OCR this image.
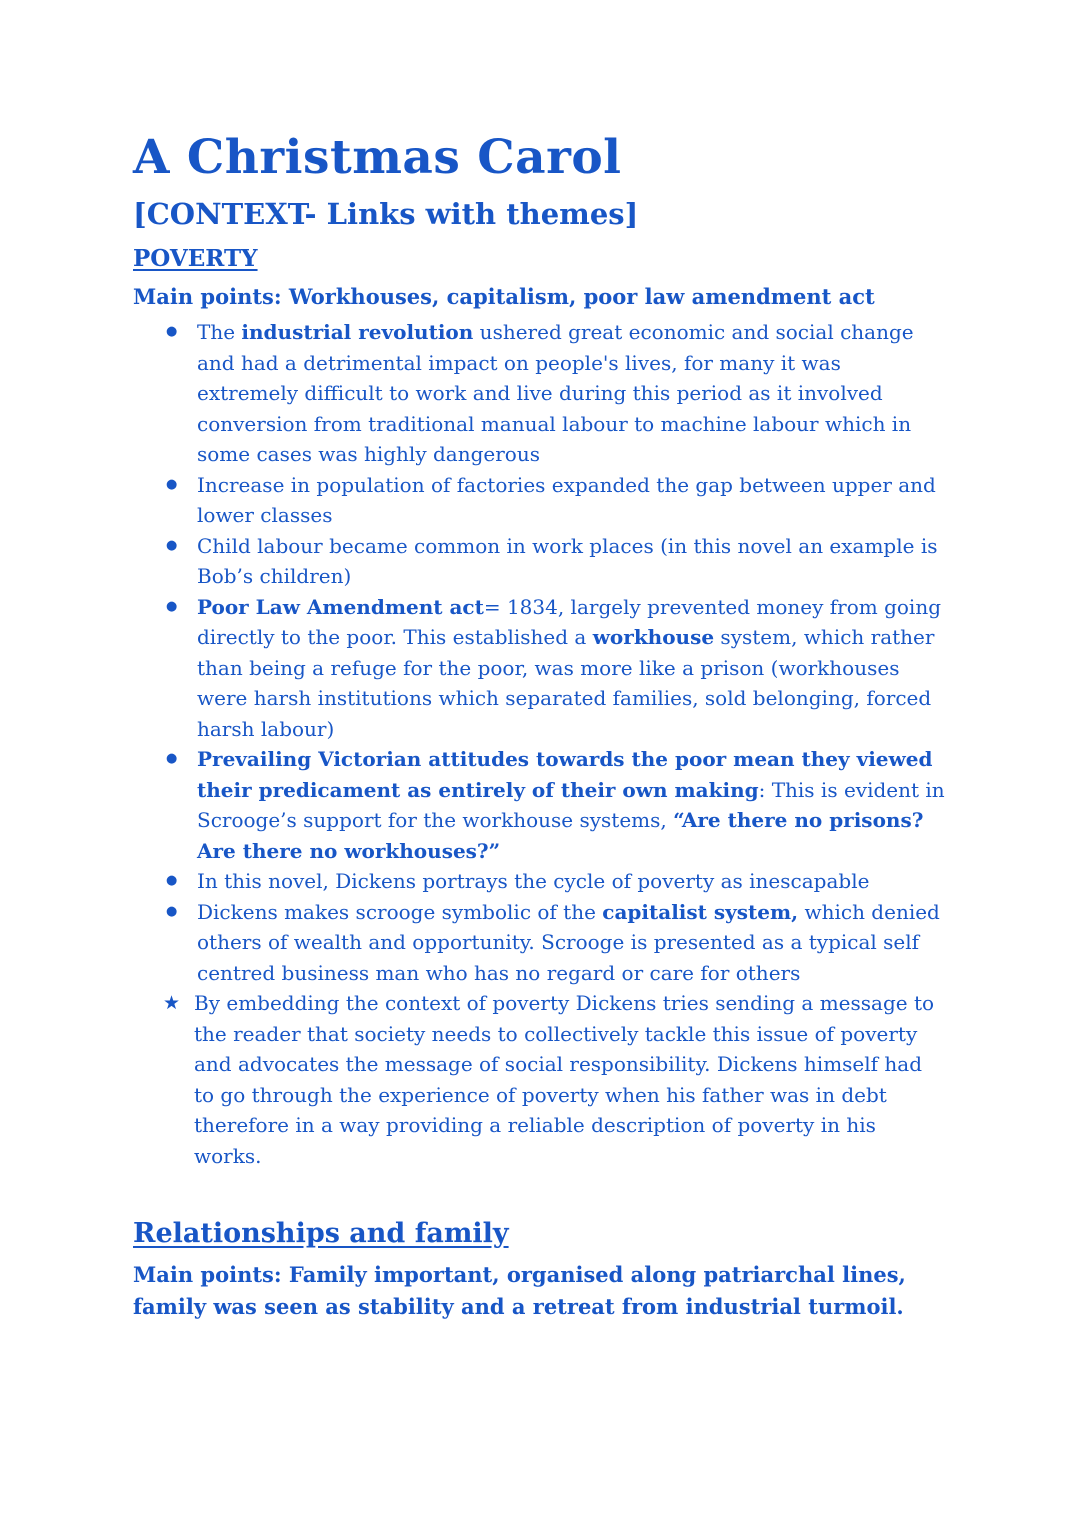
A Christmas Carol
[CONTEXT- Links with themes]
POVERTY

Main points: Workhouses, capitalism, poor law amendment act

● The industrial revolution ushered great economic and social change and had a detrimental impact on people's lives, for many it was extremely difficult to work and live during this period as it involved conversion from traditional manual labour to machine labour which in some cases was highly dangerous
● Increase in population of factories expanded the gap between upper and lower classes
● Child labour became common in work places (in this novel an example is Bob’s children)
● Poor Law Amendment act= 1834, largely prevented money from going directly to the poor. This established a workhouse system, which rather than being a refuge for the poor, was more like a prison (workhouses were harsh institutions which separated families, sold belonging, forced harsh labour)
● Prevailing Victorian attitudes towards the poor mean they viewed their predicament as entirely of their own making: This is evident in Scrooge’s support for the workhouse systems, “Are there no prisons? Are there no workhouses?”
● In this novel, Dickens portrays the cycle of poverty as inescapable
● Dickens makes scrooge symbolic of the capitalist system, which denied others of wealth and opportunity. Scrooge is presented as a typical self centred business man who has no regard or care for others
★ By embedding the context of poverty Dickens tries sending a message to the reader that society needs to collectively tackle this issue of poverty and advocates the message of social responsibility. Dickens himself had to go through the experience of poverty when his father was in debt therefore in a way providing a reliable description of poverty in his works.
Relationships and family

Main points: Family important, organised along patriarchal lines, family was seen as stability and a retreat from industrial turmoil.
